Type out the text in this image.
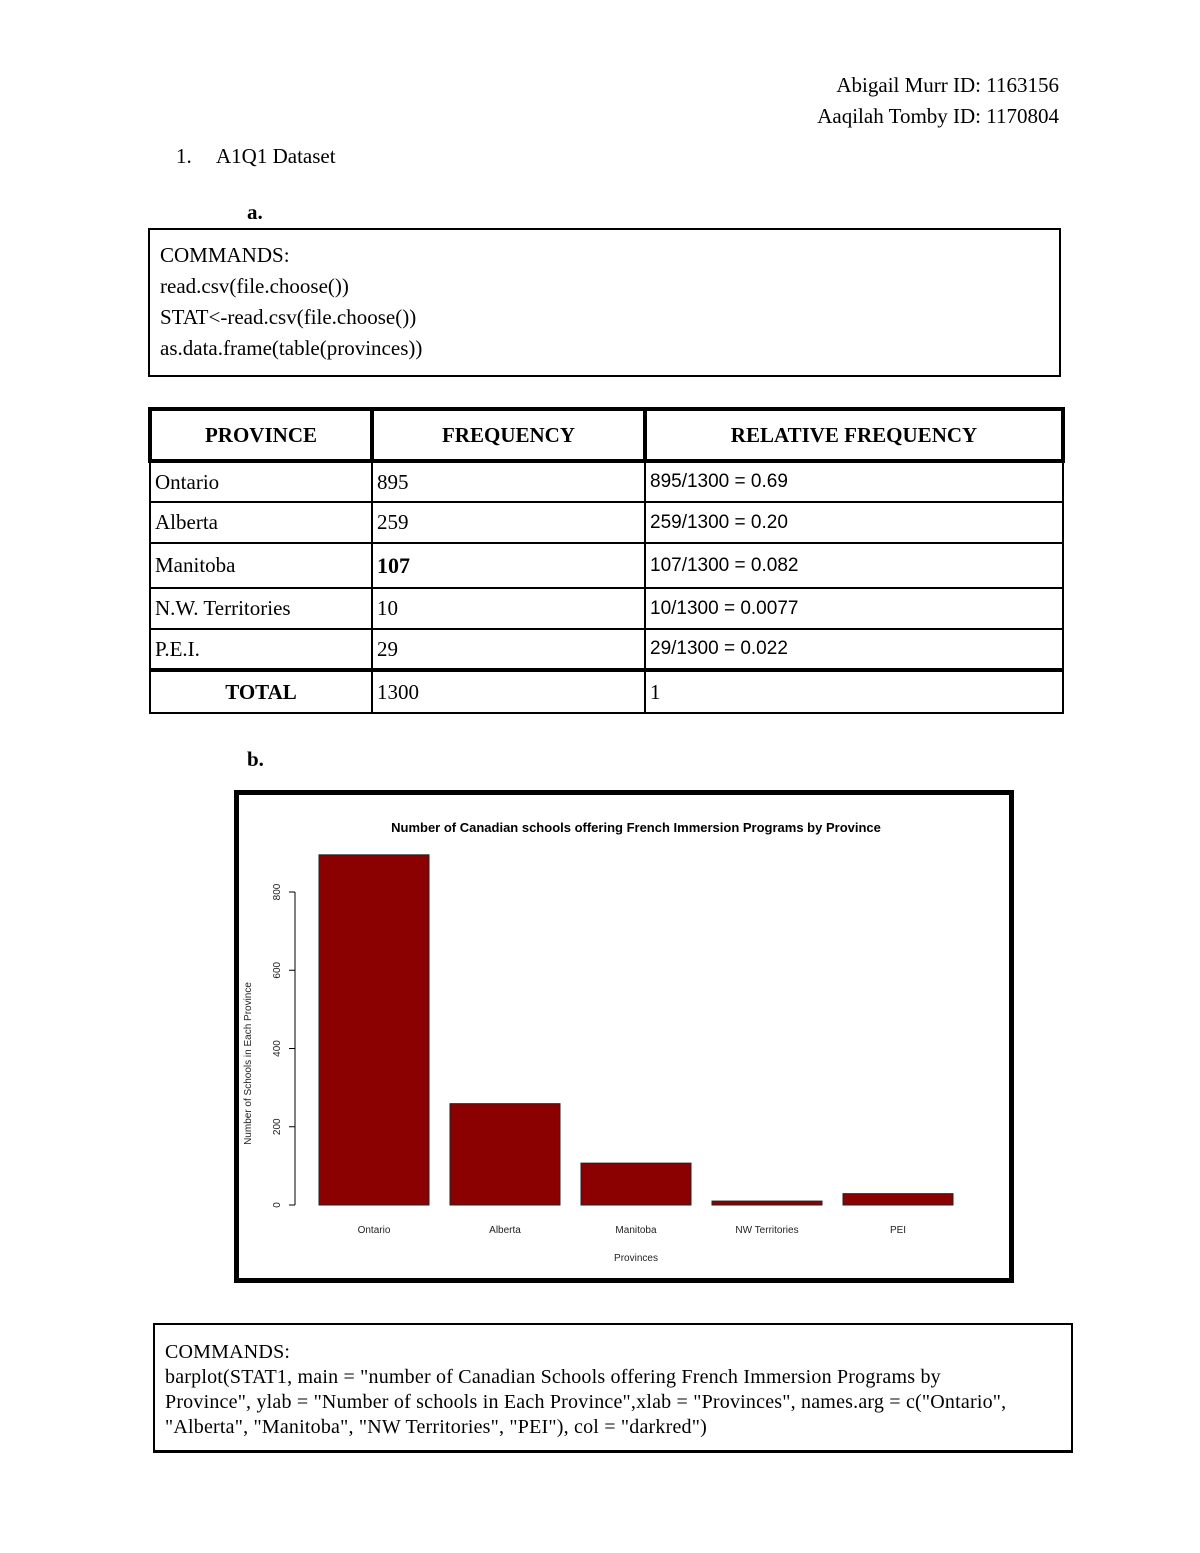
Abigail Murr ID: 1163156
Aaqilah Tomby ID: 1170804
1. A1Q1 Dataset
a.
COMMANDS:
read.csv(file.choose())
STAT<-read.csv(file.choose())
as.data.frame(table(provinces))
PROVINCE	FREQUENCY	RELATIVE FREQUENCY
Ontario	895	895/1300 = 0.69
Alberta	259	259/1300 = 0.20
Manitoba	107	107/1300 = 0.082
N.W. Territories	10	10/1300 = 0.0077
P.E.I.	29	29/1300 = 0.022
TOTAL	1300	1
b.
Number of Canadian schools offering French Immersion Programs by Province
0
200
400
600
800
Number of Schools in Each Province
Ontario	Alberta	Manitoba	NW Territories	PEI
Provinces
COMMANDS:
barplot(STAT1, main = "number of Canadian Schools offering French Immersion Programs by
Province", ylab = "Number of schools in Each Province",xlab = "Provinces", names.arg = c("Ontario",
"Alberta", "Manitoba", "NW Territories", "PEI"), col = "darkred")
